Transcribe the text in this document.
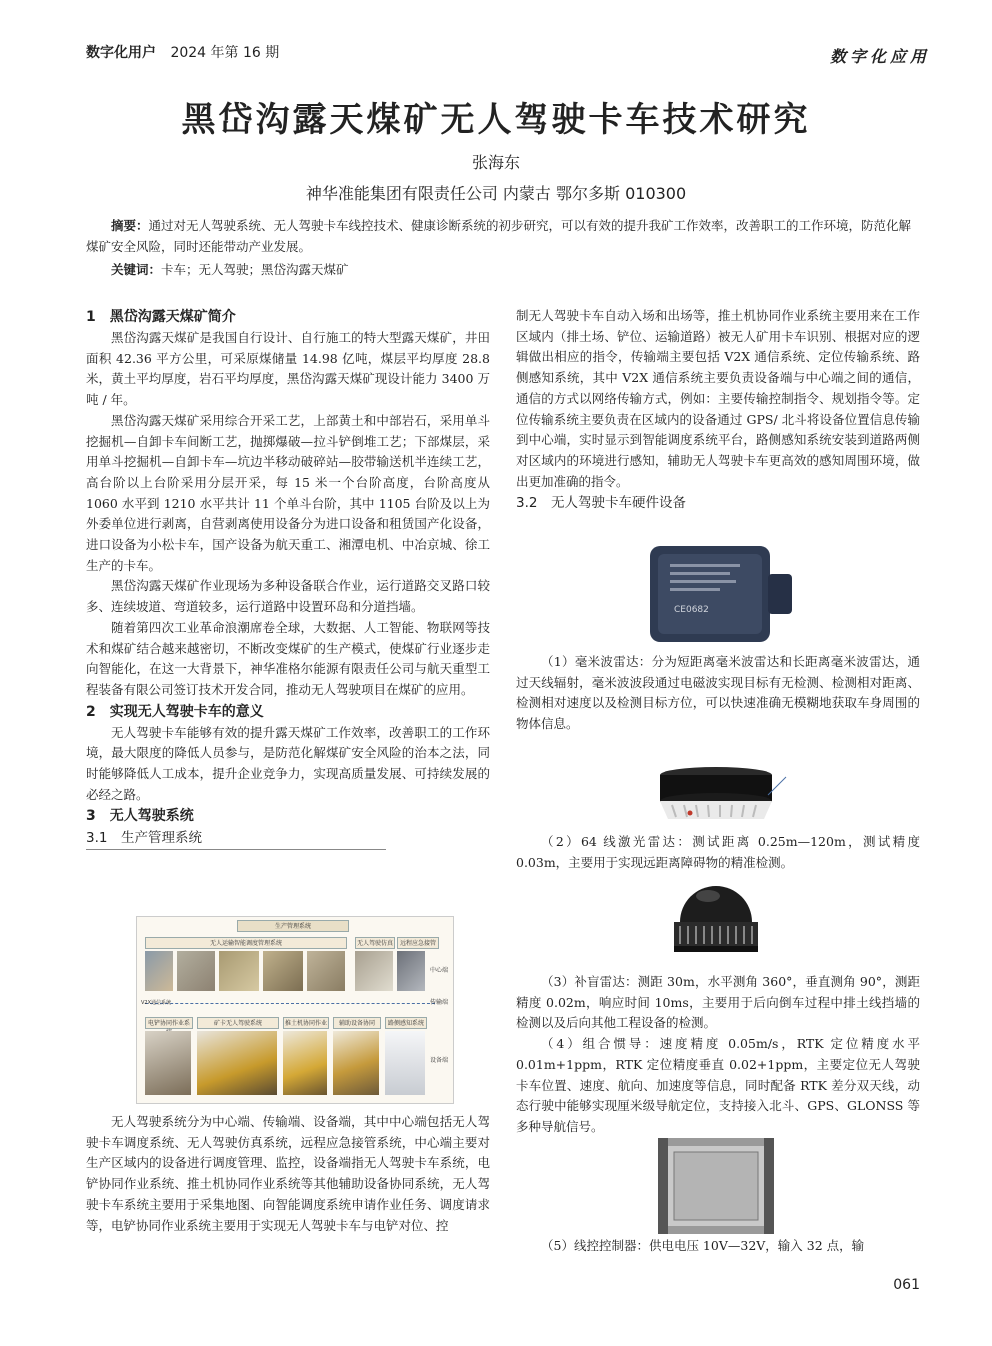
数字化用户 2024 年第 16 期	数字化应用
黑岱沟露天煤矿无人驾驶卡车技术研究
张海东
神华准能集团有限责任公司 内蒙古 鄂尔多斯 010300
摘要：通过对无人驾驶系统、无人驾驶卡车线控技术、健康诊断系统的初步研究，可以有效的提升我矿工作效率，改善职工的工作环境，防范化解煤矿安全风险，同时还能带动产业发展。
关键词：卡车；无人驾驶；黑岱沟露天煤矿
1　黑岱沟露天煤矿简介

黑岱沟露天煤矿是我国自行设计、自行施工的特大型露天煤矿，井田面积 42.36 平方公里，可采原煤储量 14.98 亿吨，煤层平均厚度 28.8 米，黄土平均厚度，岩石平均厚度，黑岱沟露天煤矿现设计能力 3400 万吨 / 年。

黑岱沟露天煤矿采用综合开采工艺，上部黄土和中部岩石，采用单斗挖掘机—自卸卡车间断工艺，抛掷爆破—拉斗铲倒堆工艺；下部煤层，采用单斗挖掘机—自卸卡车—坑边半移动破碎站—胶带输送机半连续工艺，高台阶以上台阶采用分层开采，每 15 米一个台阶高度，台阶高度从 1060 水平到 1210 水平共计 11 个单斗台阶，其中 1105 台阶及以上为外委单位进行剥离，自营剥离使用设备分为进口设备和租赁国产化设备，进口设备为小松卡车，国产设备为航天重工、湘潭电机、中冶京城、徐工生产的卡车。

黑岱沟露天煤矿作业现场为多种设备联合作业，运行道路交叉路口较多、连续坡道、弯道较多，运行道路中设置环岛和分道挡墙。

随着第四次工业革命浪潮席卷全球，大数据、人工智能、物联网等技术和煤矿结合越来越密切，不断改变煤矿的生产模式，使煤矿行业逐步走向智能化，在这一大背景下，神华准格尔能源有限责任公司与航天重型工程装备有限公司签订技术开发合同，推动无人驾驶项目在煤矿的应用。

2　实现无人驾驶卡车的意义

无人驾驶卡车能够有效的提升露天煤矿工作效率，改善职工的工作环境，最大限度的降低人员参与，是防范化解煤矿安全风险的治本之法，同时能够降低人工成本，提升企业竞争力，实现高质量发展、可持续发展的必经之路。

3　无人驾驶系统
3.1　生产管理系统
生产管理系统
无人运输智能调度管理系统	无人驾驶仿真	远程应急接管
中心端
V2X通信系统	传输端
电铲协同作业系	矿卡无人驾驶系统	推土机协同作业	辅助设备协同	路侧感知系统
设备端

无人驾驶系统分为中心端、传输端、设备端，其中中心端包括无人驾驶卡车调度系统、无人驾驶仿真系统，远程应急接管系统，中心端主要对生产区域内的设备进行调度管理、监控，设备端指无人驾驶卡车系统，电铲协同作业系统、推土机协同作业系统等其他辅助设备协同系统，无人驾驶卡车系统主要用于采集地图、向智能调度系统申请作业任务、调度请求等，电铲协同作业系统主要用于实现无人驾驶卡车与电铲对位、控

制无人驾驶卡车自动入场和出场等，推土机协同作业系统主要用来在工作区域内（排土场、铲位、运输道路）被无人矿用卡车识别、根据对应的逻辑做出相应的指令，传输端主要包括 V2X 通信系统、定位传输系统、路侧感知系统，其中 V2X 通信系统主要负责设备端与中心端之间的通信，通信的方式以网络传输方式，例如：主要传输控制指令、规划指令等。定位传输系统主要负责在区域内的设备通过 GPS/ 北斗将设备位置信息传输到中心端，实时显示到智能调度系统平台，路侧感知系统安装到道路两侧对区域内的环境进行感知，辅助无人驾驶卡车更高效的感知周围环境，做出更加准确的指令。

3.2　无人驾驶卡车硬件设备
CE0682

（1）毫米波雷达：分为短距离毫米波雷达和长距离毫米波雷达，通过天线辐射，毫米波波段通过电磁波实现目标有无检测、检测相对距离、检测相对速度以及检测目标方位，可以快速准确无模糊地获取车身周围的物体信息。

（2）64 线激光雷达：测试距离 0.25m—120m，测试精度 0.03m，主要用于实现远距离障碍物的精准检测。

（3）补盲雷达：测距 30m，水平测角 360°，垂直测角 90°，测距精度 0.02m，响应时间 10ms，主要用于后向倒车过程中排土线挡墙的检测以及后向其他工程设备的检测。

（4）组合惯导：速度精度 0.05m/s，RTK 定位精度水平 0.01m+1ppm，RTK 定位精度垂直 0.02+1ppm，主要定位无人驾驶卡车位置、速度、航向、加速度等信息，同时配备 RTK 差分双天线，动态行驶中能够实现厘米级导航定位，支持接入北斗、GPS、GLONSS 等多种导航信号。

（5）线控控制器：供电电压 10V—32V，输入 32 点，输

061
